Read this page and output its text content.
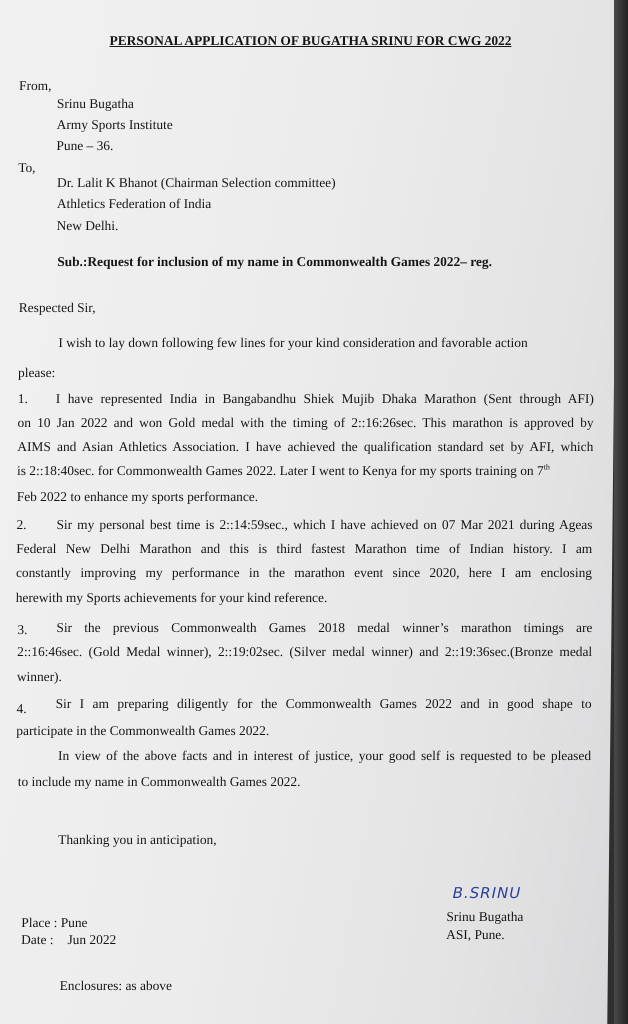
PERSONAL APPLICATION OF BUGATHA SRINU FOR CWG 2022
From,
Srinu Bugatha
Army Sports Institute
Pune – 36.
To,
Dr. Lalit K Bhanot (Chairman Selection committee)
Athletics Federation of India
New Delhi.
Sub.:Request for inclusion of my name in Commonwealth Games 2022– reg.
Respected Sir,
I wish to lay down following few lines for your kind consideration and favorable action
please:
1. I have represented India in Bangabandhu Shiek Mujib Dhaka Marathon (Sent through AFI)
on 10 Jan 2022 and won Gold medal with the timing of 2::16:26sec. This marathon is approved by
AIMS and Asian Athletics Association. I have achieved the qualification standard set by AFI, which
is 2::18:40sec. for Commonwealth Games 2022. Later I went to Kenya for my sports training on 7th
Feb 2022 to enhance my sports performance.
2. Sir my personal best time is 2::14:59sec., which I have achieved on 07 Mar 2021 during Ageas
Federal New Delhi Marathon and this is third fastest Marathon time of Indian history. I am
constantly improving my performance in the marathon event since 2020, here I am enclosing
herewith my Sports achievements for your kind reference.
3. Sir the previous Commonwealth Games 2018 medal winner’s marathon timings are
2::16:46sec. (Gold Medal winner), 2::19:02sec. (Silver medal winner) and 2::19:36sec.(Bronze medal
winner).
4. Sir I am preparing diligently for the Commonwealth Games 2022 and in good shape to
participate in the Commonwealth Games 2022.
In view of the above facts and in interest of justice, your good self is requested to be pleased
to include my name in Commonwealth Games 2022.
Thanking you in anticipation,
B.SRINU
Srinu Bugatha
ASI, Pune.
Place : Pune
Date : Jun 2022
Enclosures: as above
